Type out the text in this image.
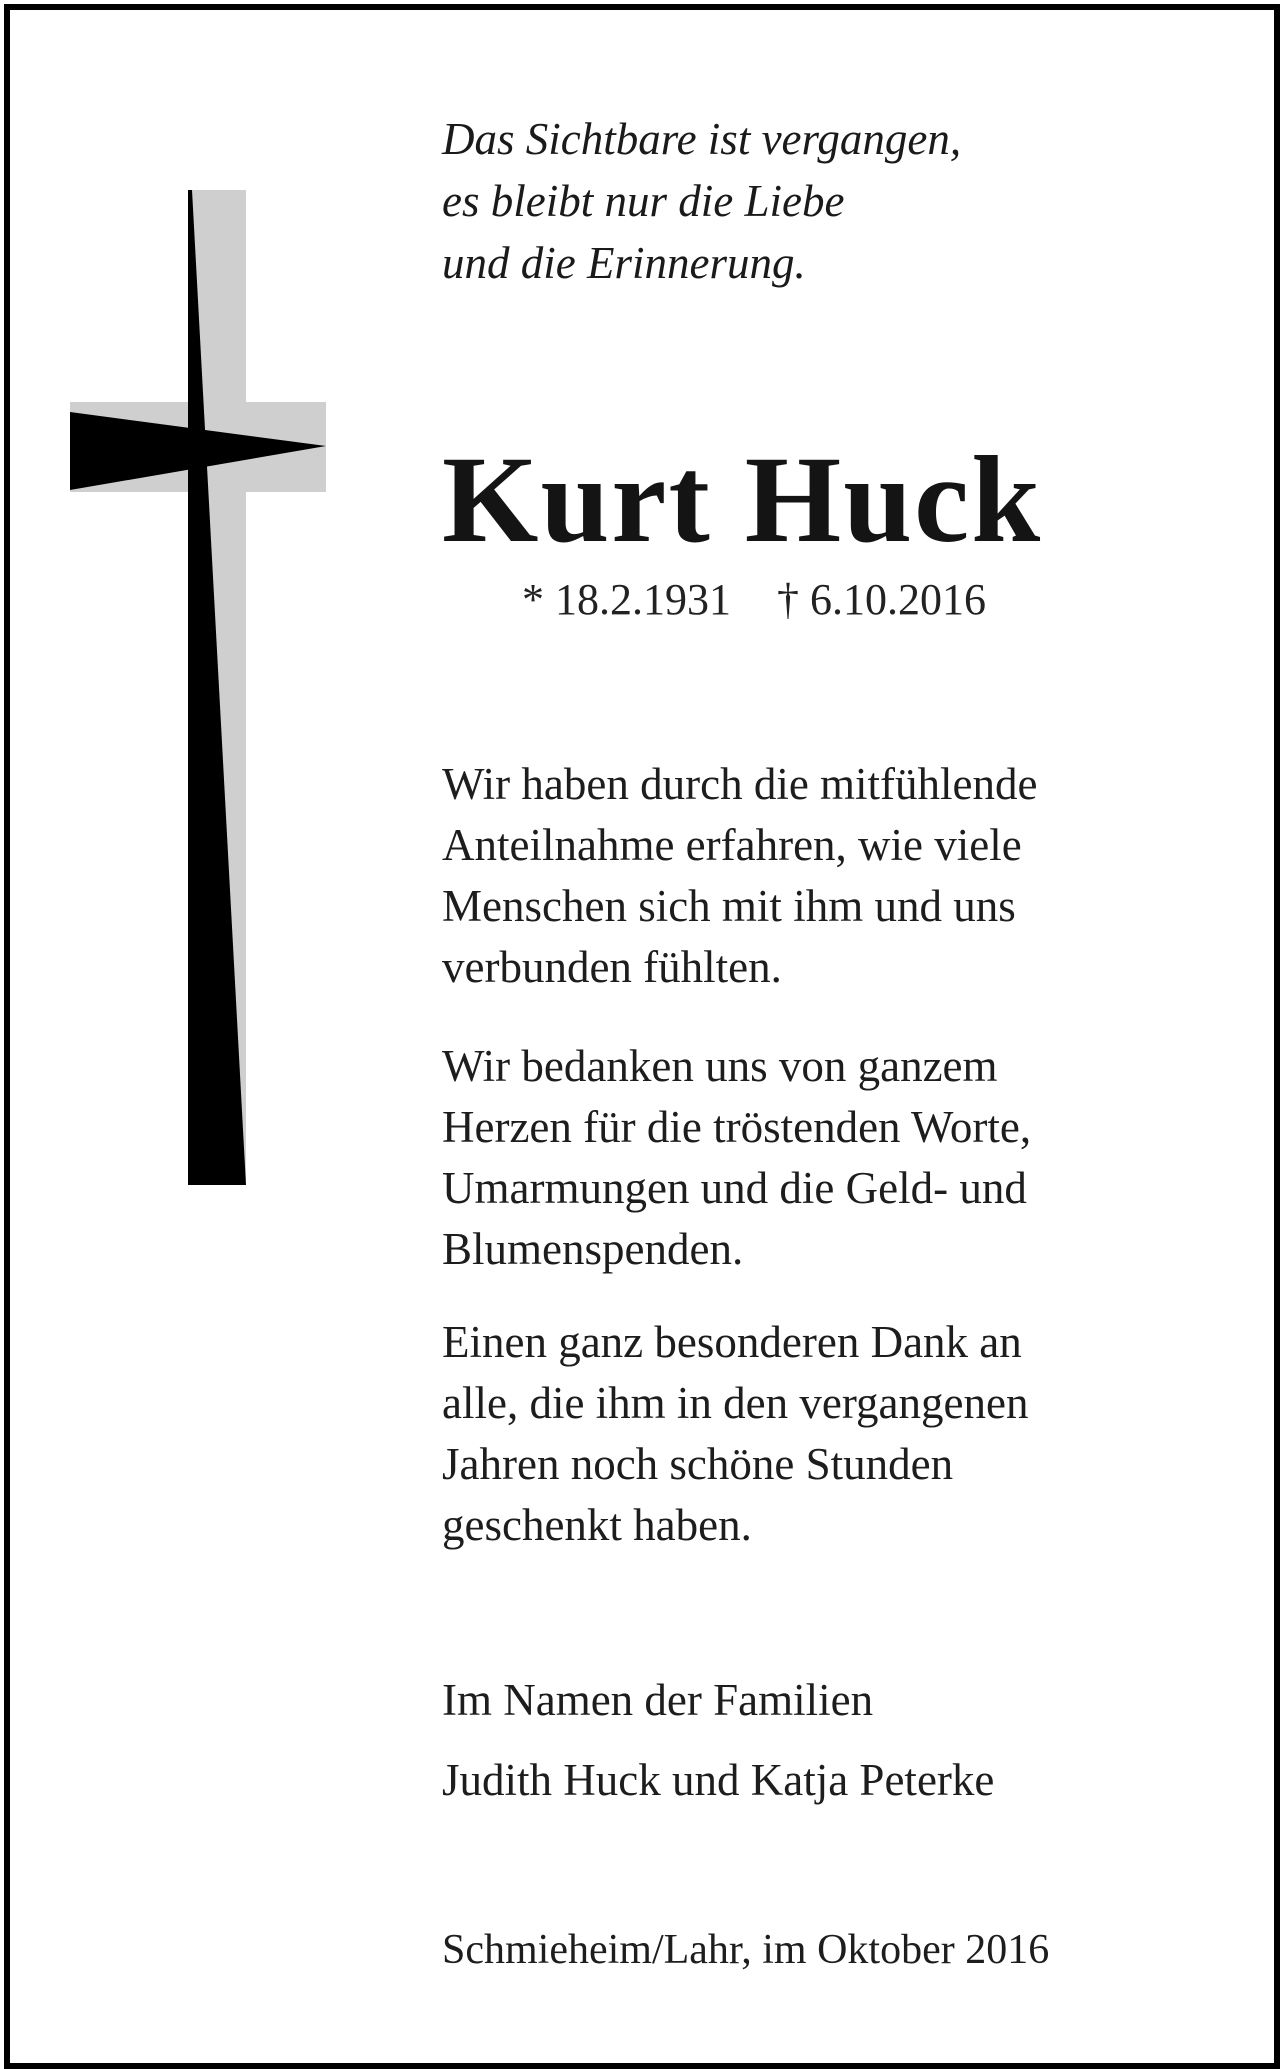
Das Sichtbare ist vergangen,
es bleibt nur die Liebe
und die Erinnerung.

Kurt Huck

* 18.2.1931 † 6.10.2016

Wir haben durch die mitfühlende
Anteilnahme erfahren, wie viele
Menschen sich mit ihm und uns
verbunden fühlten.

Wir bedanken uns von ganzem
Herzen für die tröstenden Worte,
Umarmungen und die Geld- und
Blumenspenden.

Einen ganz besonderen Dank an
alle, die ihm in den vergangenen
Jahren noch schöne Stunden
geschenkt haben.

Im Namen der Familien

Judith Huck und Katja Peterke

Schmieheim/Lahr, im Oktober 2016
